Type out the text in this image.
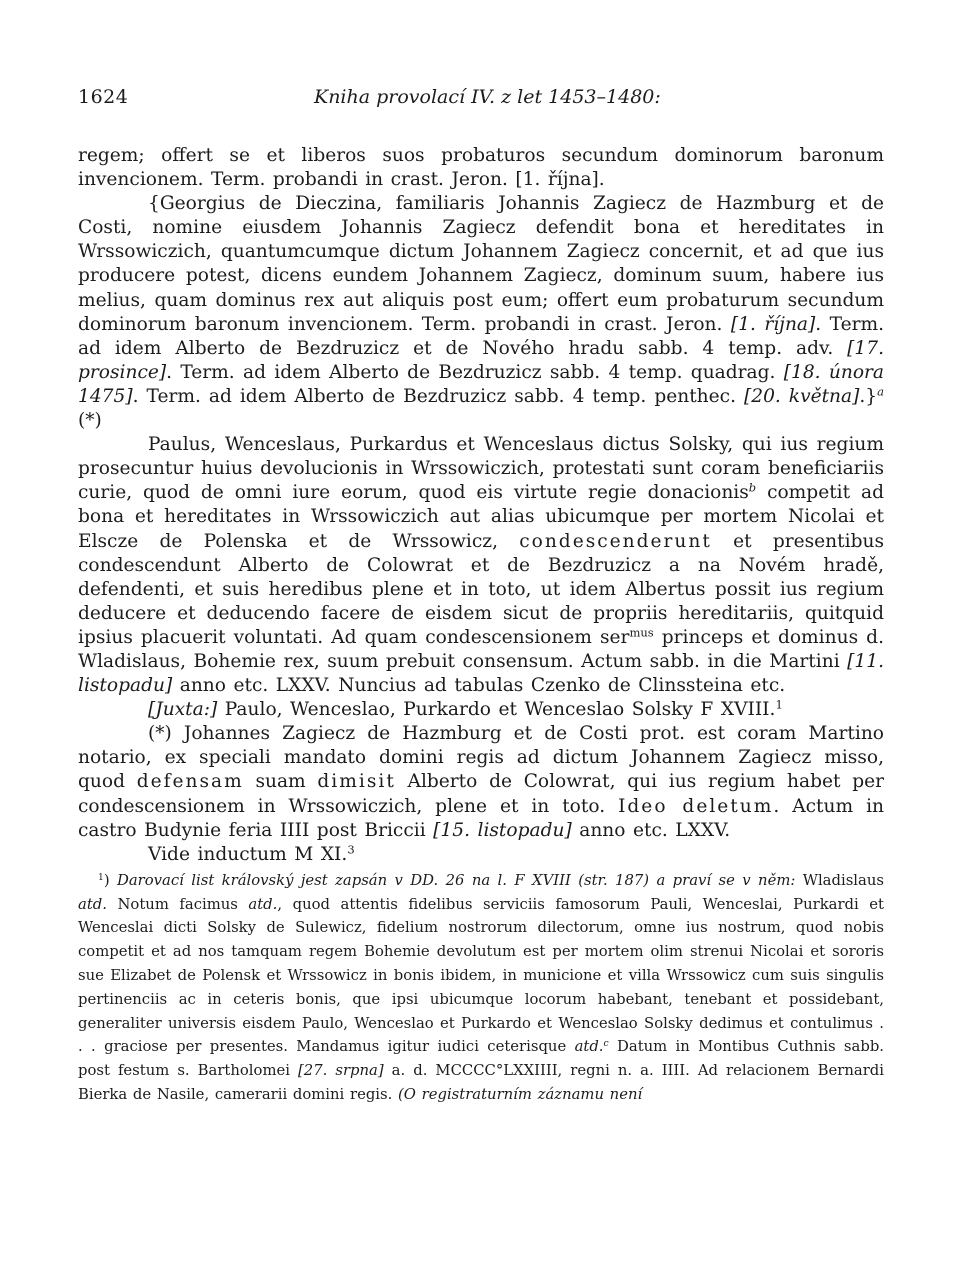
1624	Kniha provolací IV. z let 1453–1480:

regem; offert se et liberos suos probaturos secundum dominorum baronum invencionem. Term. probandi in crast. Jeron. [1. října].

{Georgius de Dieczina, familiaris Johannis Zagiecz de Hazmburg et de Costi, nomine eiusdem Johannis Zagiecz defendit bona et hereditates in Wrssowiczich, quantumcumque dictum Johannem Zagiecz concernit, et ad que ius producere potest, dicens eundem Johannem Zagiecz, dominum suum, habere ius melius, quam dominus rex aut aliquis post eum; offert eum probaturum secundum dominorum baronum invencionem. Term. probandi in crast. Jeron. [1. října]. Term. ad idem Alberto de Bezdruzicz et de Nového hradu sabb. 4 temp. adv. [17. prosince]. Term. ad idem Alberto de Bezdruzicz sabb. 4 temp. quadrag. [18. února 1475]. Term. ad idem Alberto de Bezdruzicz sabb. 4 temp. penthec. [20. května].}$^a$ (*)

Paulus, Wenceslaus, Purkardus et Wenceslaus dictus Solsky, qui ius regium prosecuntur huius devolucionis in Wrssowiczich, protestati sunt coram beneficiariis curie, quod de omni iure eorum, quod eis virtute regie donacionis$^b$ competit ad bona et hereditates in Wrssowiczich aut alias ubicumque per mortem Nicolai et Elscze de Polenska et de Wrssowicz, condescenderunt et presentibus condescendunt Alberto de Colowrat et de Bezdruzicz a na Novém hradě, defendenti, et suis heredibus plene et in toto, ut idem Albertus possit ius regium deducere et deducendo facere de eisdem sicut de propriis hereditariis, quitquid ipsius placuerit voluntati. Ad quam condescensionem ser$^{mus}$ princeps et dominus d. Wladislaus, Bohemie rex, suum prebuit consensum. Actum sabb. in die Martini [11. listopadu] anno etc. LXXV. Nuncius ad tabulas Czenko de Clinssteina etc.

[Juxta:] Paulo, Wenceslao, Purkardo et Wenceslao Solsky F XVIII.$^1$

(*) Johannes Zagiecz de Hazmburg et de Costi prot. est coram Martino notario, ex speciali mandato domini regis ad dictum Johannem Zagiecz misso, quod defensam suam dimisit Alberto de Colowrat, qui ius regium habet per condescensionem in Wrssowiczich, plene et in toto. Ideo deletum. Actum in castro Budynie feria IIII post Briccii [15. listopadu] anno etc. LXXV.

Vide inductum M XI.$^3$

$^1$) Darovací list královský jest zapsán v DD. 26 na l. F XVIII (str. 187) a praví se v něm: Wladislaus atd. Notum facimus atd., quod attentis fidelibus serviciis famosorum Pauli, Wenceslai, Purkardi et Wenceslai dicti Solsky de Sulewicz, fidelium nostrorum dilectorum, omne ius nostrum, quod nobis competit et ad nos tamquam regem Bohemie devolutum est per mortem olim strenui Nicolai et sororis sue Elizabet de Polensk et Wrssowicz in bonis ibidem, in municione et villa Wrssowicz cum suis singulis pertinenciis ac in ceteris bonis, que ipsi ubicumque locorum habebant, tenebant et possidebant, generaliter universis eisdem Paulo, Wenceslao et Purkardo et Wenceslao Solsky dedimus et contulimus . . . graciose per presentes. Mandamus igitur iudici ceterisque atd.$^c$ Datum in Montibus Cuthnis sabb. post festum s. Bartholomei [27. srpna] a. d. MCCCC°LXXIIII, regni n. a. IIII. Ad relacionem Bernardi Bierka de Nasile, camerarii domini regis. (O registraturním záznamu není
